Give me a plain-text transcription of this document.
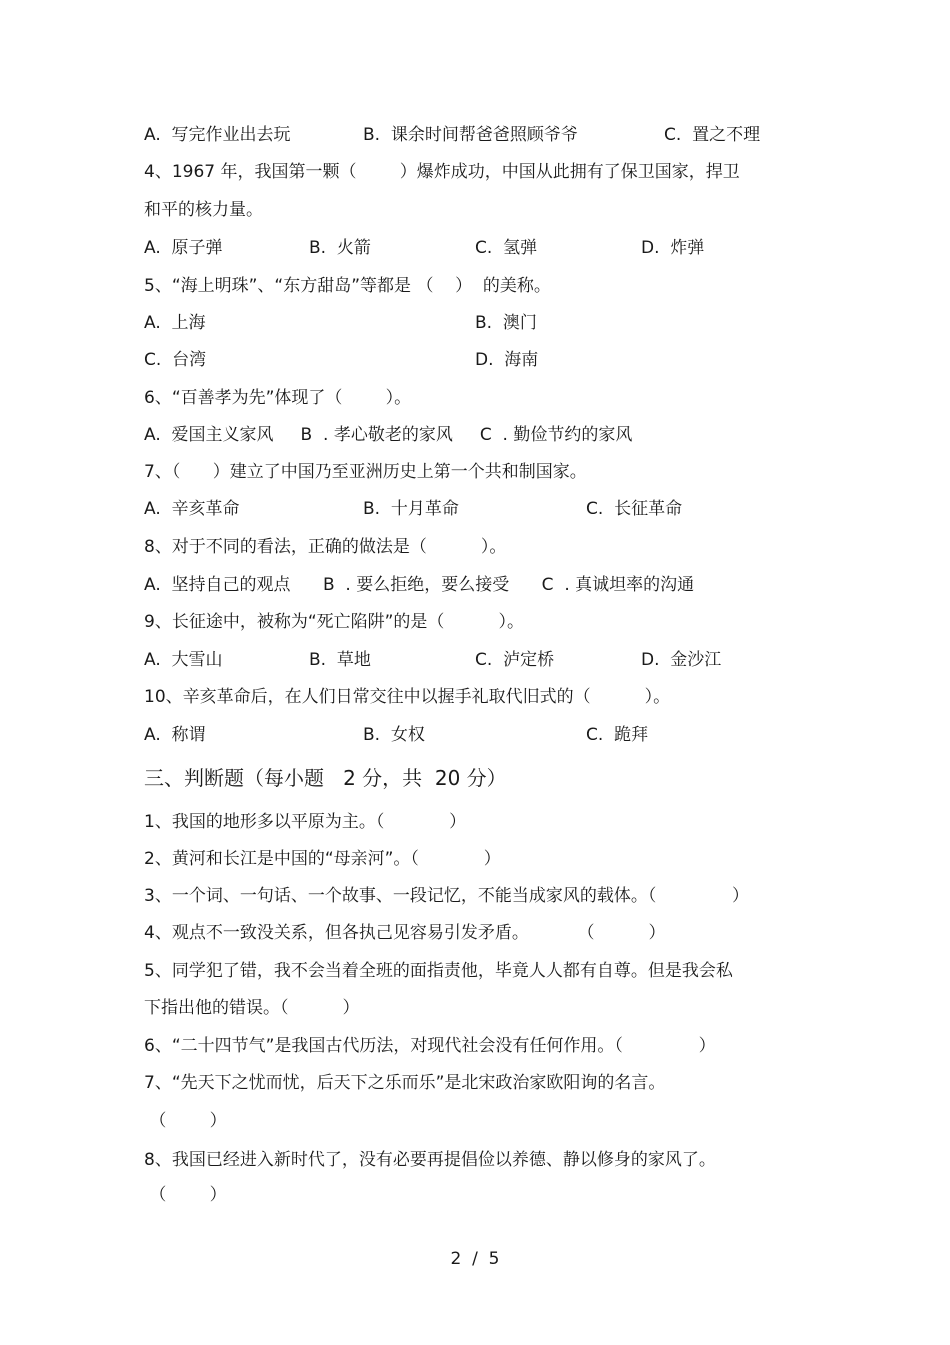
A.  写完作业出去玩	B.  课余时间帮爸爸照顾爷爷	C.  置之不理
4、1967 年，我国第一颗（        ）爆炸成功，中国从此拥有了保卫国家，捍卫
和平的核力量。
A.  原子弹	B.  火箭	C.  氢弹	D.  炸弹
5、“海上明珠”、“东方甜岛”等都是 （    ）  的美称。
A.  上海	B.  澳门
C.  台湾	D.  海南
6、“百善孝为先”体现了（        ）。
A.  爱国主义家风     B  . 孝心敬老的家风     C  . 勤俭节约的家风
7、（      ）建立了中国乃至亚洲历史上第一个共和制国家。
A.  辛亥革命	B.  十月革命	C.  长征革命
8、对于不同的看法，正确的做法是（          ）。
A.  坚持自己的观点      B  . 要么拒绝，要么接受      C  . 真诚坦率的沟通
9、长征途中，被称为“死亡陷阱”的是（          ）。
A.  大雪山	B.  草地	C.  泸定桥	D.  金沙江
10、辛亥革命后，在人们日常交往中以握手礼取代旧式的（          ）。
A.  称谓	B.  女权	C.  跪拜
三、判断题（每小题   2 分，共  20 分）
1、我国的地形多以平原为主。（            ）
2、黄河和长江是中国的“母亲河”。（            ）
3、一个词、一句话、一个故事、一段记忆，不能当成家风的载体。（              ）
4、观点不一致没关系，但各执己见容易引发矛盾。         （          ）
5、同学犯了错，我不会当着全班的面指责他，毕竟人人都有自尊。但是我会私
下指出他的错误。（          ）
6、“二十四节气”是我国古代历法，对现代社会没有任何作用。（              ）
7、“先天下之忧而忧，后天下之乐而乐”是北宋政治家欧阳询的名言。
（        ）
8、我国已经进入新时代了，没有必要再提倡俭以养德、静以修身的家风了。
（        ）
2  /  5
